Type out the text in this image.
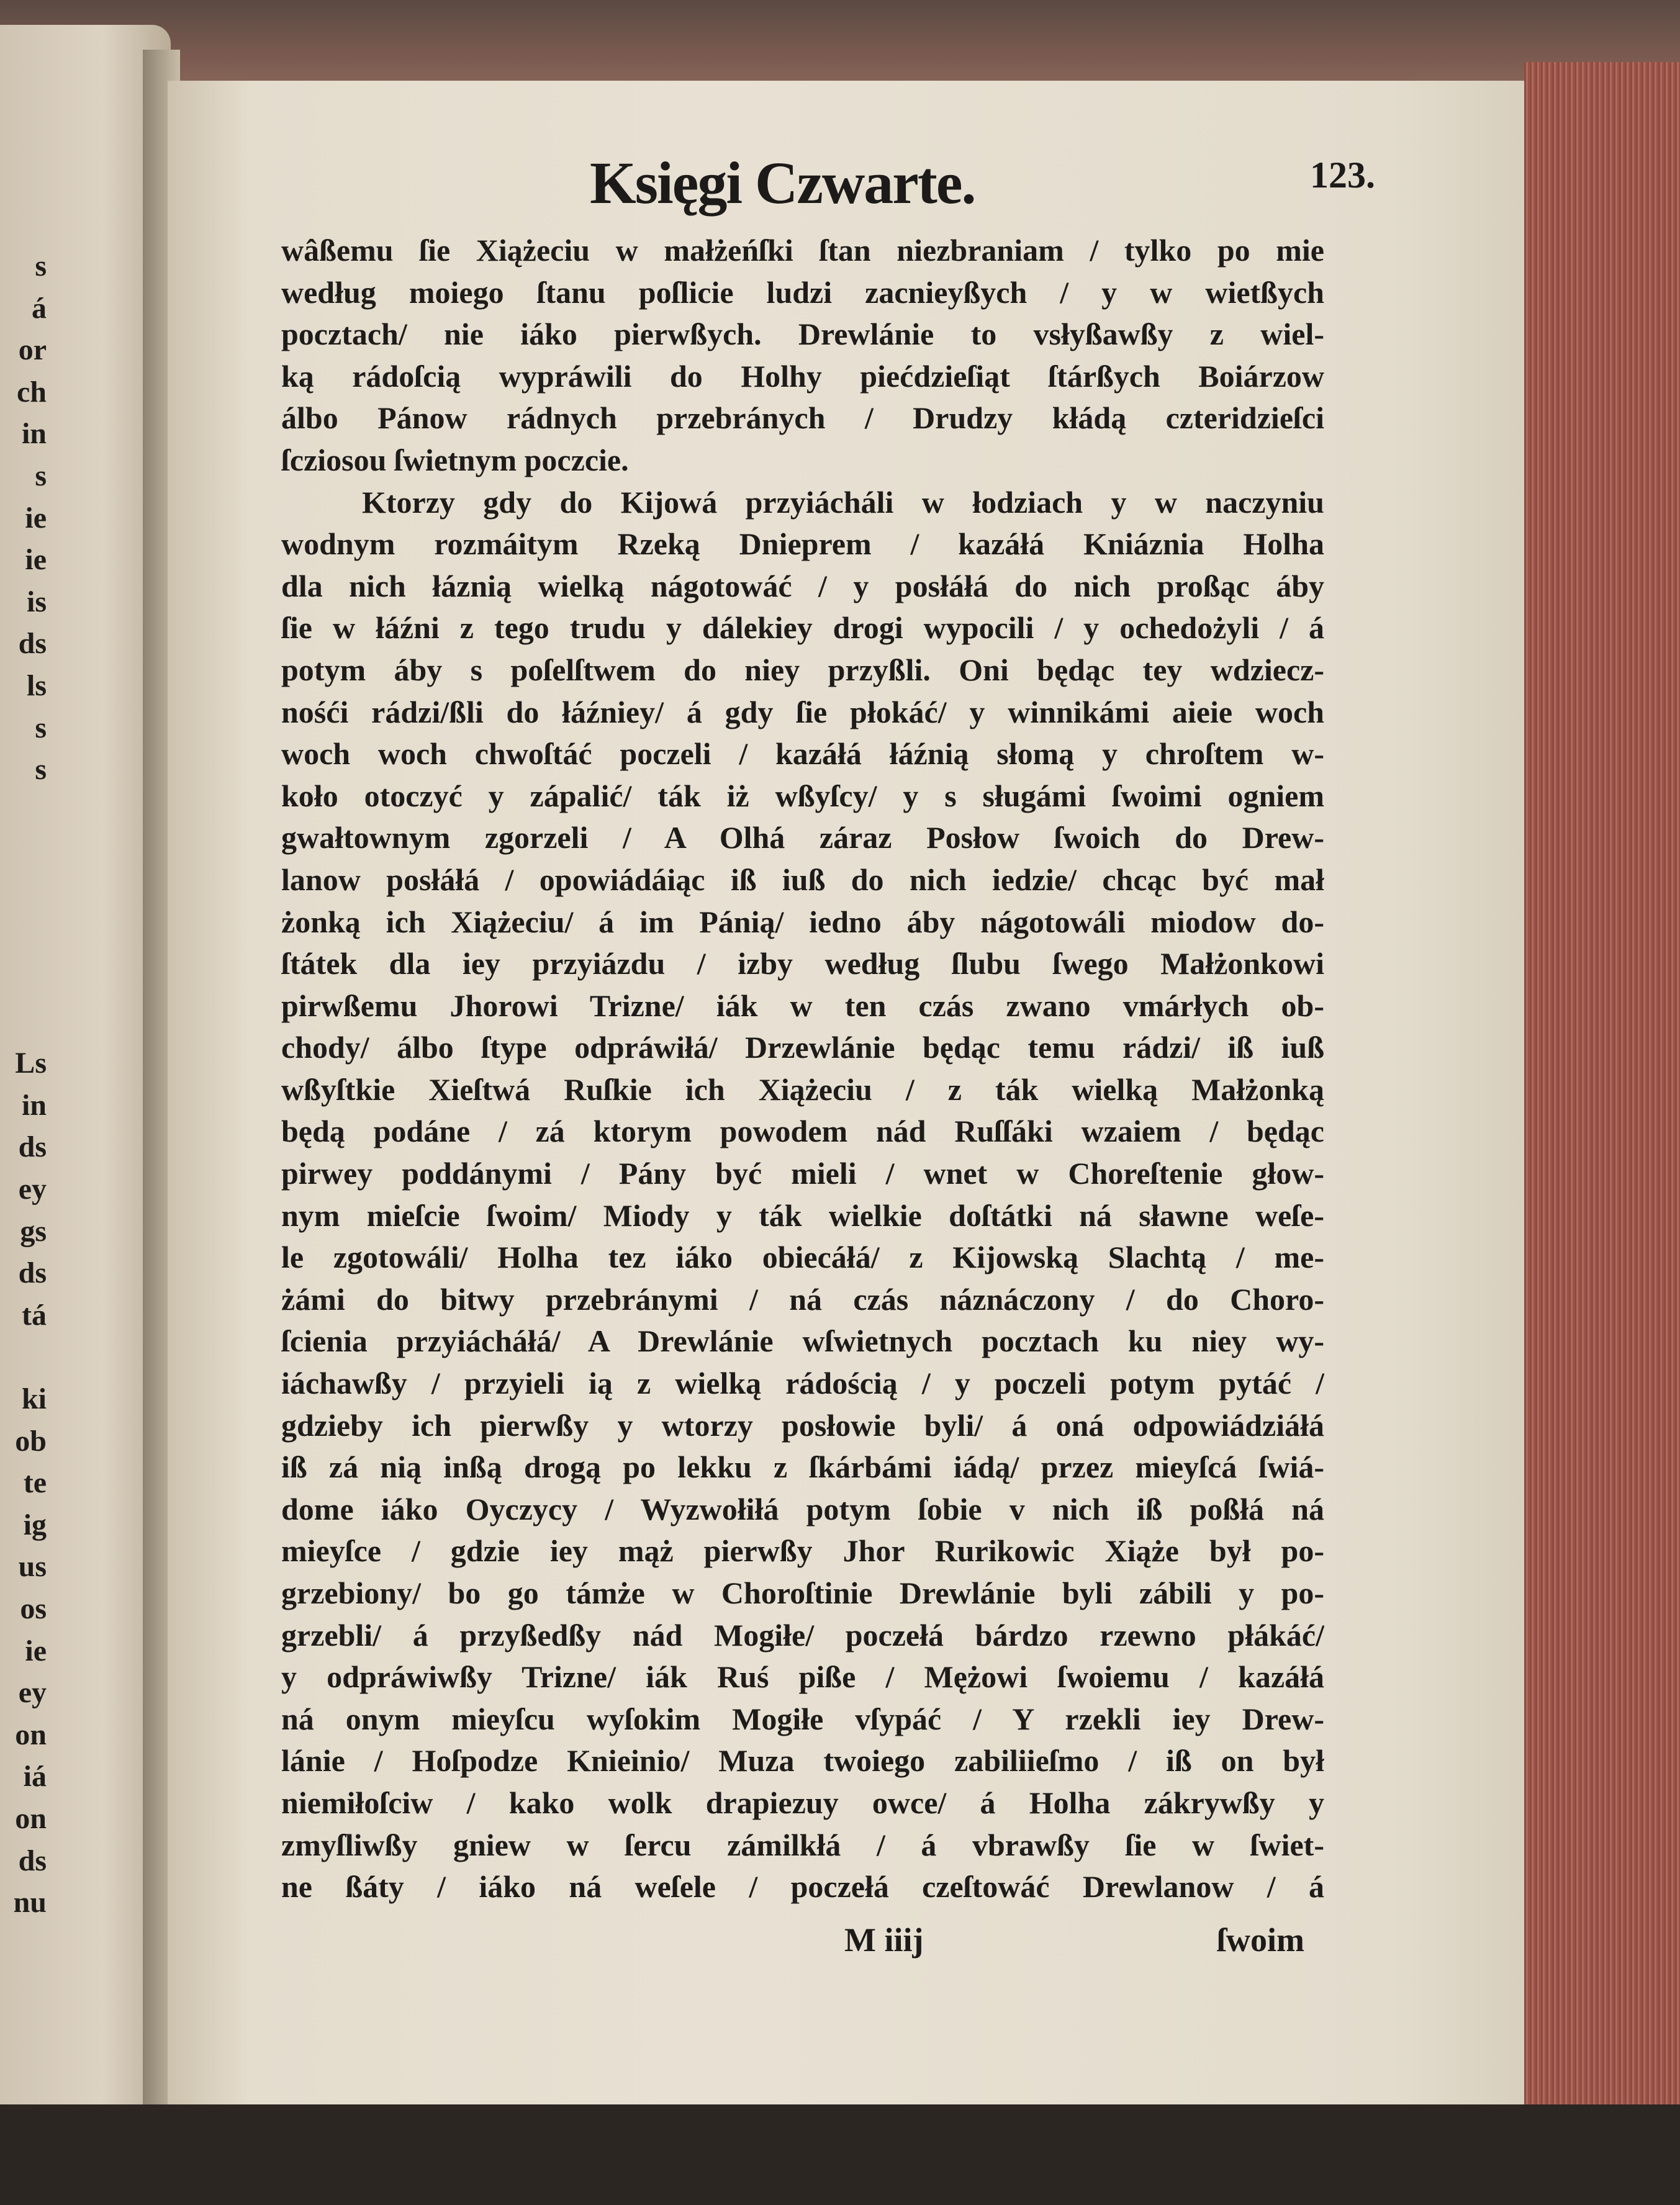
s
á
or
ch
in
s
ie
ie
is
ds
ls
s
s
Ls
in
ds
ey
gs
ds
tá
ki
ob
te
ig
us
os
ie
ey
on
iá
on
ds
nu
Księgi Czwarte.	123.
wâßemu ſie Xiążeciu w małżeńſki ſtan niezbraniam / tylko po mie
według moiego ſtanu poſlicie ludzi zacnieyßych / y w wietßych
pocztach/ nie iáko pierwßych. Drewlánie to vsłyßawßy z wiel-
ką rádoſcią wypráwili do Holhy piećdzieſiąt ſtárßych Boiárzow
álbo Pánow rádnych przebránych / Drudzy kłádą czteridzieſci
ſcziosou ſwietnym poczcie.
Ktorzy gdy do Kijowá przyiácháli w łodziach y w naczyniu
wodnym rozmáitym Rzeką Dnieprem / kazáłá Kniáznia Holha
dla nich łáznią wielką nágotowáć / y posłáłá do nich proßąc áby
ſie w łáźni z tego trudu y dálekiey drogi wypocili / y ochedożyli / á
potym áby s poſelſtwem do niey przyßli. Oni będąc tey wdziecz-
nośći rádzi/ßli do łáźniey/ á gdy ſie płokáć/ y winnikámi aieie woch
woch woch chwoſtáć poczeli / kazáłá łáźnią słomą y chroſtem w-
koło otoczyć y zápalić/ ták iż wßyſcy/ y s sługámi ſwoimi ogniem
gwałtownym zgorzeli / A Olhá záraz Posłow ſwoich do Drew-
lanow posłáłá / opowiádáiąc iß iuß do nich iedzie/ chcąc być mał
żonką ich Xiążeciu/ á im Pánią/ iedno áby nágotowáli miodow do-
ſtátek dla iey przyiázdu / izby według ſlubu ſwego Małżonkowi
pirwßemu Jhorowi Trizne/ iák w ten czás zwano vmárłych ob-
chody/ álbo ſtype odpráwiłá/ Drzewlánie będąc temu rádzi/ iß iuß
wßyſtkie Xieſtwá Ruſkie ich Xiążeciu / z ták wielką Małżonką
będą podáne / zá ktorym powodem nád Ruſſáki wzaiem / będąc
pirwey poddánymi / Pány być mieli / wnet w Choreſtenie głow-
nym mieſcie ſwoim/ Miody y ták wielkie doſtátki ná sławne weſe-
le zgotowáli/ Holha tez iáko obiecáłá/ z Kijowską Slachtą / me-
żámi do bitwy przebránymi / ná czás náznáczony / do Choro-
ſcienia przyiácháłá/ A Drewlánie wſwietnych pocztach ku niey wy-
iáchawßy / przyieli ią z wielką rádością / y poczeli potym pytáć /
gdzieby ich pierwßy y wtorzy posłowie byli/ á oná odpowiádziáłá
iß zá nią inßą drogą po lekku z ſkárbámi iádą/ przez mieyſcá ſwiá-
dome iáko Oyczycy / Wyzwołiłá potym ſobie v nich iß poßłá ná
mieyſce / gdzie iey mąż pierwßy Jhor Rurikowic Xiąże był po-
grzebiony/ bo go támże w Choroſtinie Drewlánie byli zábili y po-
grzebli/ á przyßedßy nád Mogiłe/ poczełá bárdzo rzewno płákáć/
y odpráwiwßy Trizne/ iák Ruś piße / Mężowi ſwoiemu / kazáłá
ná onym mieyſcu wyſokim Mogiłe vſypáć / Y rzekli iey Drew-
lánie / Hoſpodze Kniеinio/ Muza twoiego zabiliieſmo / iß on był
niemiłoſciw / kako wolk drapiezuy owce/ á Holha zákrywßy y
zmyſliwßy gniew w ſercu zámilkłá / á vbrawßy ſie w ſwiet-
ne ßáty / iáko ná weſele / poczełá czeſtowáć Drewlanow / á
M iiij	ſwoim
